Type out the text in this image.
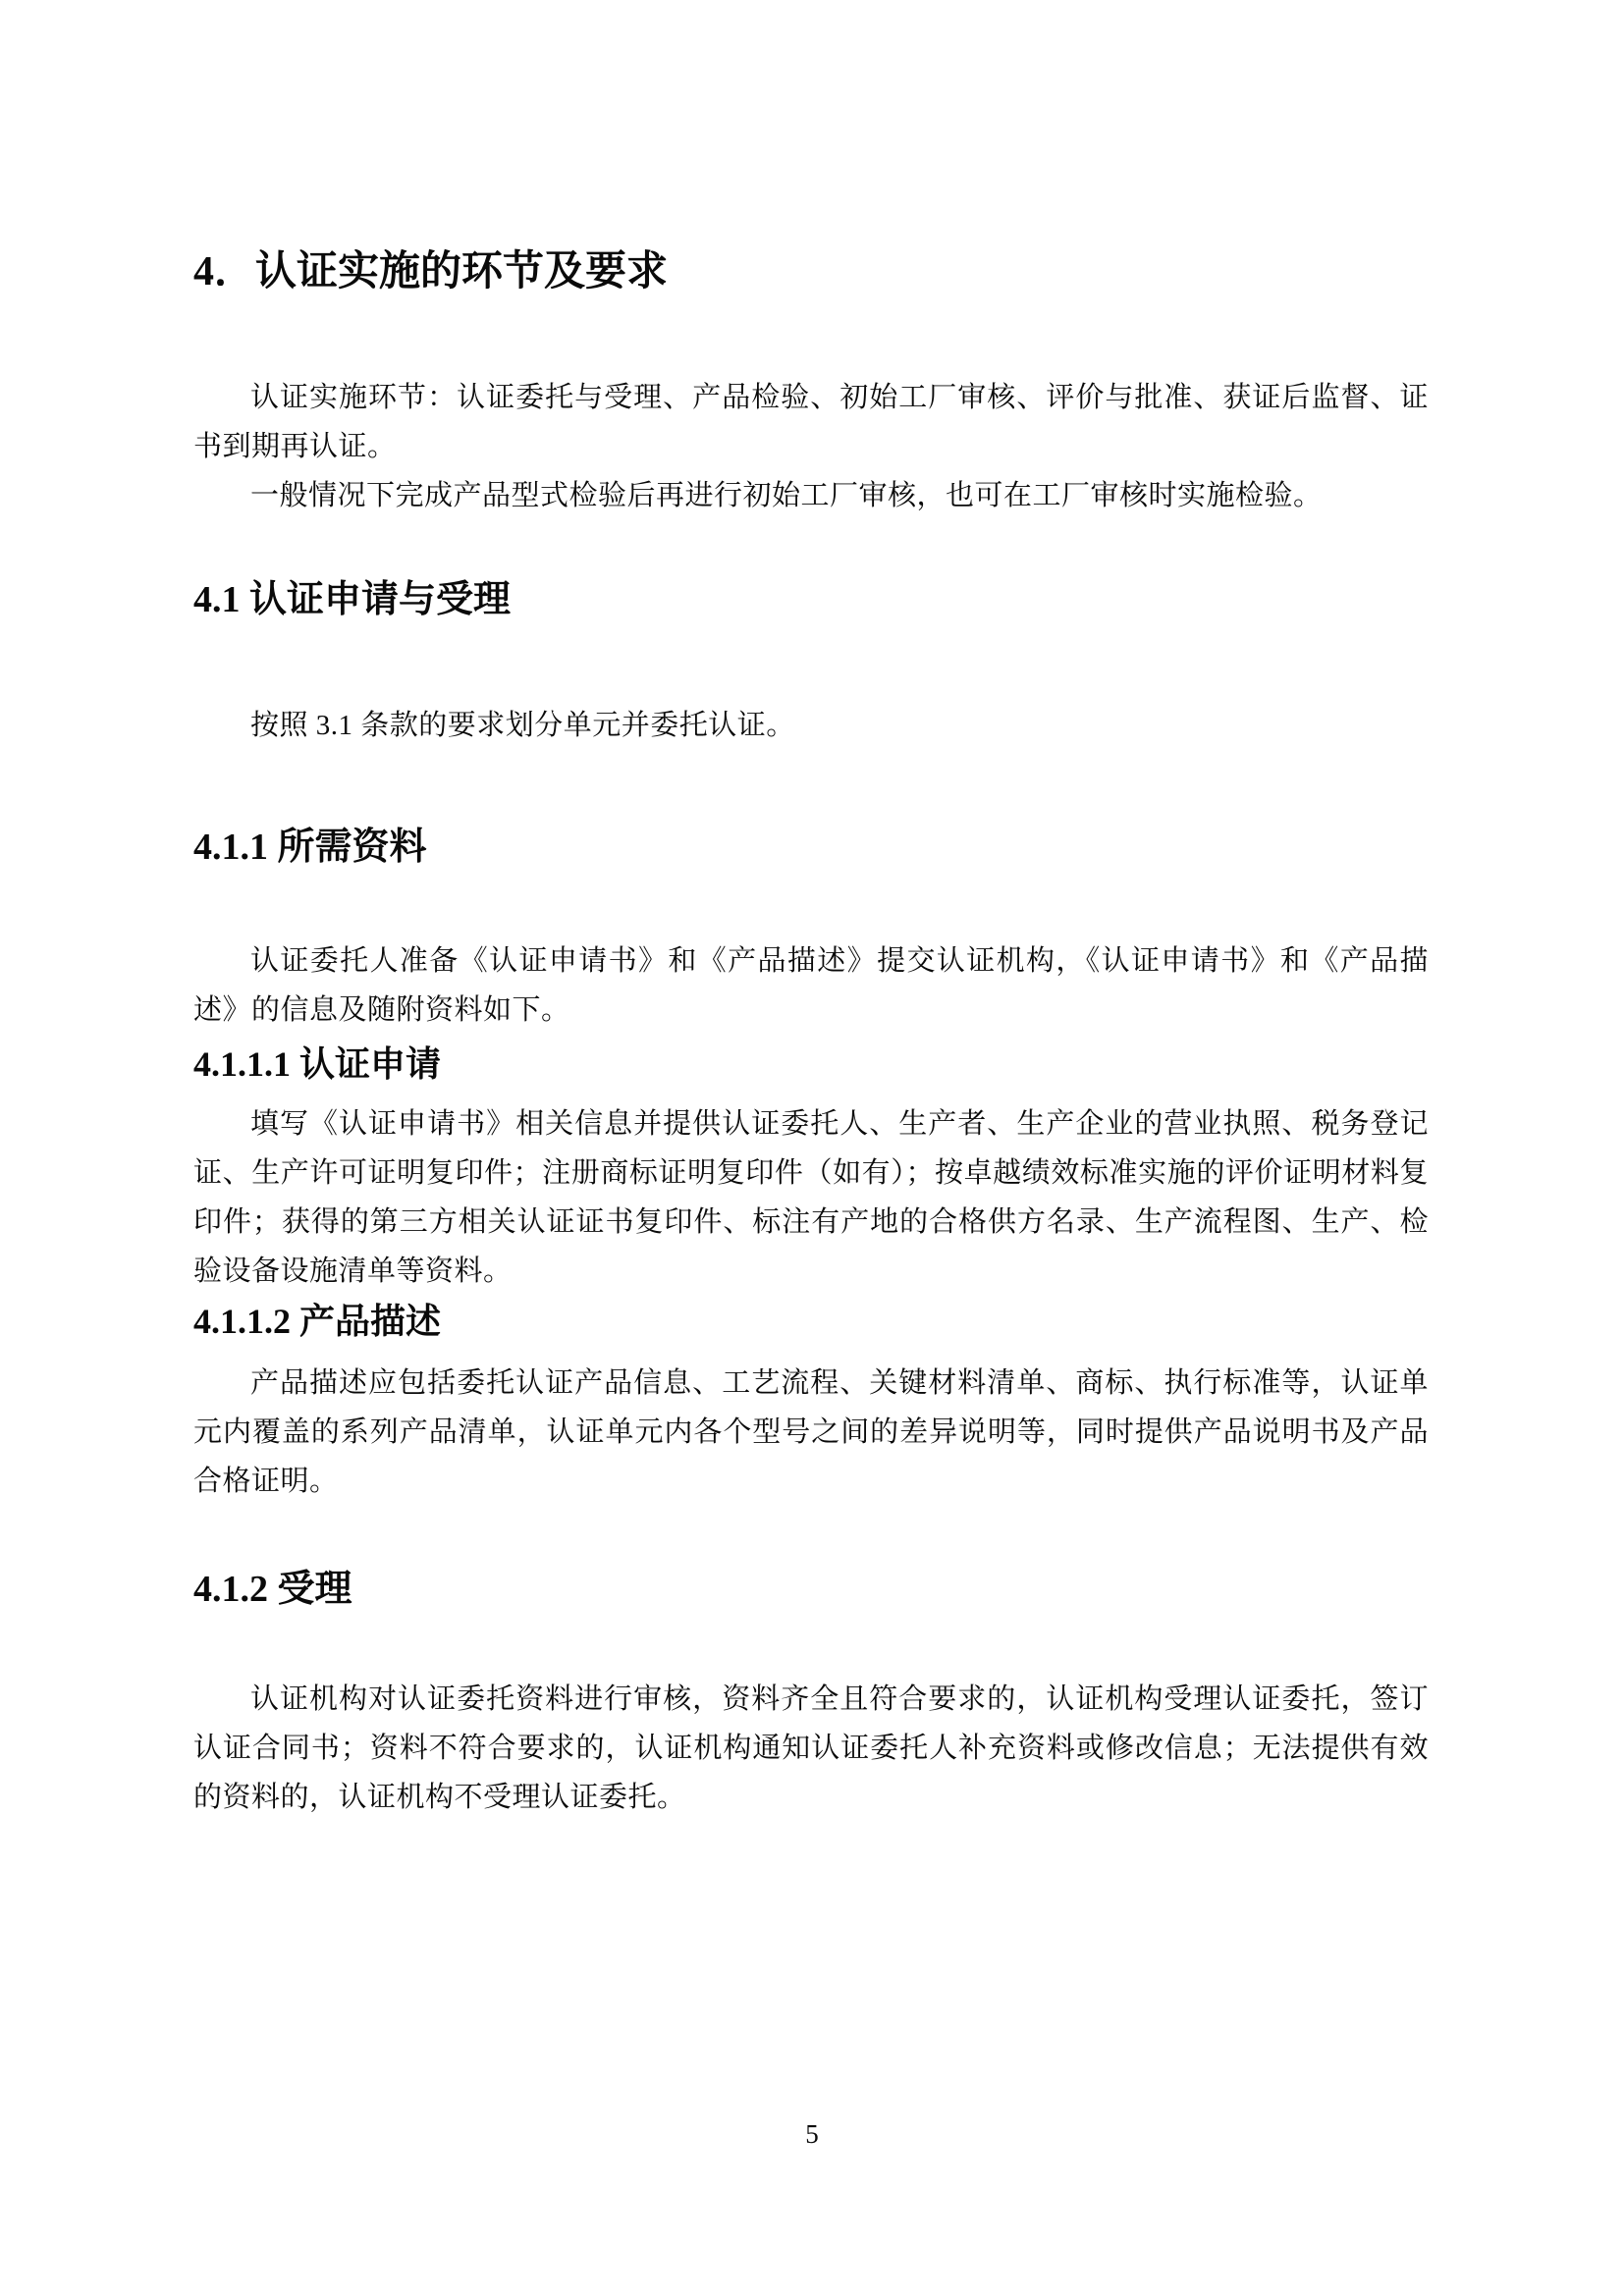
4．认证实施的环节及要求

认证实施环节：认证委托与受理、产品检验、初始工厂审核、评价与批准、获证后监督、证书到期再认证。

一般情况下完成产品型式检验后再进行初始工厂审核，也可在工厂审核时实施检验。

4.1 认证申请与受理

按照 3.1 条款的要求划分单元并委托认证。

4.1.1 所需资料

认证委托人准备《认证申请书》和《产品描述》提交认证机构，《认证申请书》和《产品描述》的信息及随附资料如下。

4.1.1.1 认证申请

填写《认证申请书》相关信息并提供认证委托人、生产者、生产企业的营业执照、税务登记证、生产许可证明复印件；注册商标证明复印件（如有）；按卓越绩效标准实施的评价证明材料复印件；获得的第三方相关认证证书复印件、标注有产地的合格供方名录、生产流程图、生产、检验设备设施清单等资料。

4.1.1.2 产品描述

产品描述应包括委托认证产品信息、工艺流程、关键材料清单、商标、执行标准等，认证单元内覆盖的系列产品清单，认证单元内各个型号之间的差异说明等，同时提供产品说明书及产品合格证明。

4.1.2 受理

认证机构对认证委托资料进行审核，资料齐全且符合要求的，认证机构受理认证委托，签订认证合同书；资料不符合要求的，认证机构通知认证委托人补充资料或修改信息；无法提供有效的资料的，认证机构不受理认证委托。

5
